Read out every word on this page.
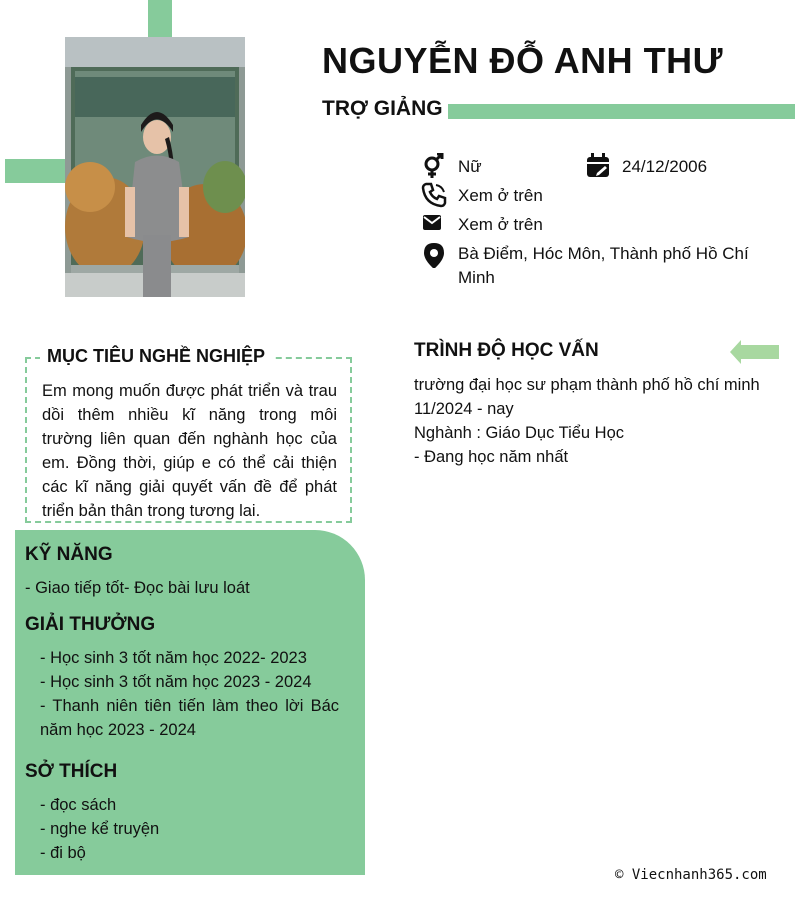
NGUYỄN ĐỖ ANH THƯ
TRỢ GIẢNG
Nữ	24/12/2006
Xem ở trên
Xem ở trên
Bà Điểm, Hóc Môn, Thành phố Hồ Chí Minh
MỤC TIÊU NGHỀ NGHIỆP
Em mong muốn được phát triển và trau dồi thêm nhiều kĩ năng trong môi trường liên quan đến nghành học của em. Đồng thời, giúp e có thể cải thiện các kĩ năng giải quyết vấn đề để phát triển bản thân trong tương lai.
KỸ NĂNG
- Giao tiếp tốt- Đọc bài lưu loát
GIẢI THƯỞNG
- Học sinh 3 tốt năm học 2022- 2023
- Học sinh 3 tốt năm học 2023 - 2024
- Thanh niên tiên tiến làm theo lời Bác năm học 2023 - 2024
SỞ THÍCH
- đọc sách
- nghe kể truyện
- đi bộ
TRÌNH ĐỘ HỌC VẤN
trường đại học sư phạm thành phố hồ chí minh
11/2024 - nay
Nghành : Giáo Dục Tiểu Học
- Đang học năm nhất
© Viecnhanh365.com
